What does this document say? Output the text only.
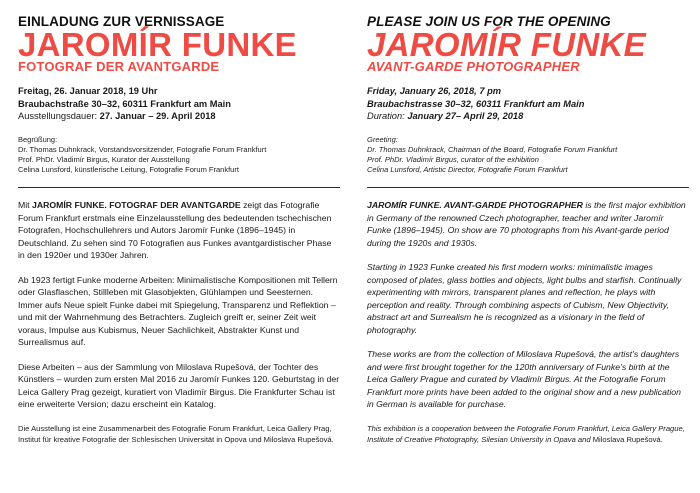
EINLADUNG ZUR VERNISSAGE

JAROMÍR FUNKE

FOTOGRAF DER AVANTGARDE

Freitag, 26. Januar 2018, 19 Uhr

Braubachstraße 30–32, 60311 Frankfurt am Main

Ausstellungsdauer: 27. Januar – 29. April 2018

Begrüßung:

Dr. Thomas Duhnkrack, Vorstandsvorsitzender, Fotografie Forum Frankfurt

Prof. PhDr. Vladimír Birgus, Kurator der Ausstellung

Celina Lunsford, künstlerische Leitung, Fotografie Forum Frankfurt

Mit JAROMÍR FUNKE. FOTOGRAF DER AVANTGARDE zeigt das Fotografie Forum Frankfurt erstmals eine Einzelausstellung des bedeutenden tschechischen Fotografen, Hochschullehrers und Autors Jaromír Funke (1896–1945) in Deutschland. Zu sehen sind 70 Fotografien aus Funkes avantgardistischer Phase in den 1920er und 1930er Jahren.

Ab 1923 fertigt Funke moderne Arbeiten: Minimalistische Kompositionen mit Tellern oder Glasflaschen, Stillleben mit Glasobjekten, Glühlampen und Seesternen. Immer aufs Neue spielt Funke dabei mit Spiegelung, Transparenz und Reflektion – und mit der Wahrnehmung des Betrachters. Zugleich greift er, seiner Zeit weit voraus, Impulse aus Kubismus, Neuer Sachlichkeit, Abstrakter Kunst und Surrealismus auf.

Diese Arbeiten – aus der Sammlung von Miloslava Rupešová, der Tochter des Künstlers – wurden zum ersten Mal 2016 zu Jaromír Funkes 120. Geburtstag in der Leica Gallery Prag gezeigt, kuratiert von Vladimír Birgus. Die Frankfurter Schau ist eine erweiterte Version; dazu erscheint ein Katalog.

Die Ausstellung ist eine Zusammenarbeit des Fotografie Forum Frankfurt, Leica Gallery Prag, Institut für kreative Fotografie der Schlesischen Universität in Opova und Miloslava Rupešová.

PLEASE JOIN US FOR THE OPENING

JAROMÍR FUNKE

AVANT-GARDE PHOTOGRAPHER

Friday, January 26, 2018, 7 pm

Braubachstrasse 30–32, 60311 Frankfurt am Main

Duration: January 27– April 29, 2018

Greeting:

Dr. Thomas Duhnkrack, Chairman of the Board, Fotografie Forum Frankfurt

Prof. PhDr. Vladimír Birgus, curator of the exhibition

Celina Lunsford, Artistic Director, Fotografie Forum Frankfurt

JAROMÍR FUNKE. AVANT-GARDE PHOTOGRAPHER is the first major exhibition in Germany of the renowned Czech photographer, teacher and writer Jaromír Funke (1896–1945). On show are 70 photographs from his Avant-garde period during the 1920s and 1930s.

Starting in 1923 Funke created his first modern works: minimalistic images composed of plates, glass bottles and objects, light bulbs and starfish. Continually experimenting with mirrors, transparent planes and reflection, he plays with perception and reality. Through combining aspects of Cubism, New Objectivity, abstract art and Surrealism he is recognized as a visionary in the field of photography.

These works are from the collection of Miloslava Rupešová, the artist’s daughters and were first brought together for the 120th anniversary of Funke’s birth at the Leica Gallery Prague and curated by Vladimír Birgus. At the Fotografie Forum Frankfurt more prints have been added to the original show and a new publication in German is available for purchase.

This exhibition is a cooperation between the Fotografie Forum Frankfurt, Leica Gallery Prague, Institute of Creative Photography, Silesian University in Opava and Miloslava Rupešová.
